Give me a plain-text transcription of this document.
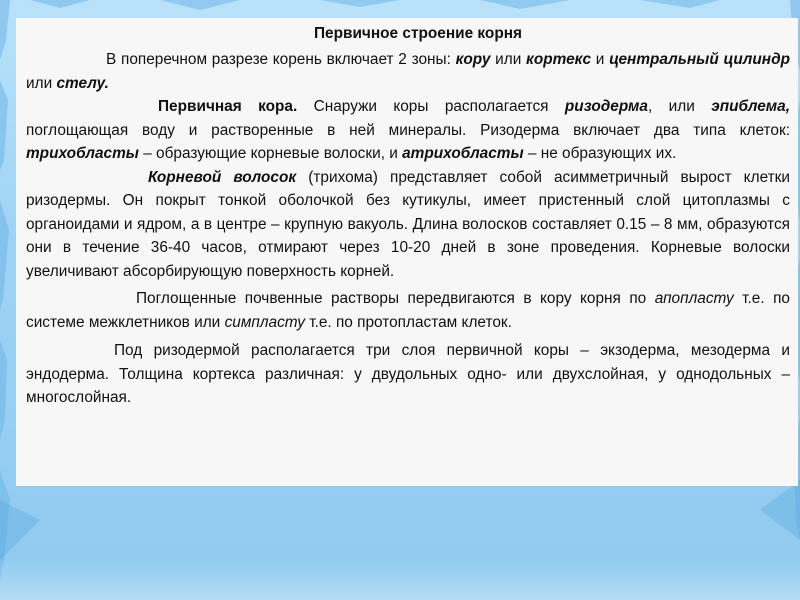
Первичное строение корня

В поперечном разрезе корень включает 2 зоны: кору или кортекс и центральный цилиндр или стелу.

Первичная кора. Снаружи коры располагается ризодерма, или эпиблема, поглощающая воду и растворенные в ней минералы. Ризодерма включает два типа клеток: трихобласты – образующие корневые волоски, и атрихобласты – не образующих их.

Корневой волосок (трихома) представляет собой асимметричный вырост клетки ризодермы. Он покрыт тонкой оболочкой без кутикулы, имеет пристенный слой цитоплазмы с органоидами и ядром, а в центре – крупную вакуоль. Длина волосков составляет 0.15 – 8 мм, образуются они в течение 36-40 часов, отмирают через 10-20 дней в зоне проведения. Корневые волоски увеличивают абсорбирующую поверхность корней.

Поглощенные почвенные растворы передвигаются в кору корня по апопласту т.е. по системе межклетников или симпласту т.е. по протопластам клеток.

Под ризодермой располагается три слоя первичной коры – экзодерма, мезодерма и эндодерма. Толщина кортекса различная: у двудольных одно- или двухслойная, у однодольных – многослойная.
